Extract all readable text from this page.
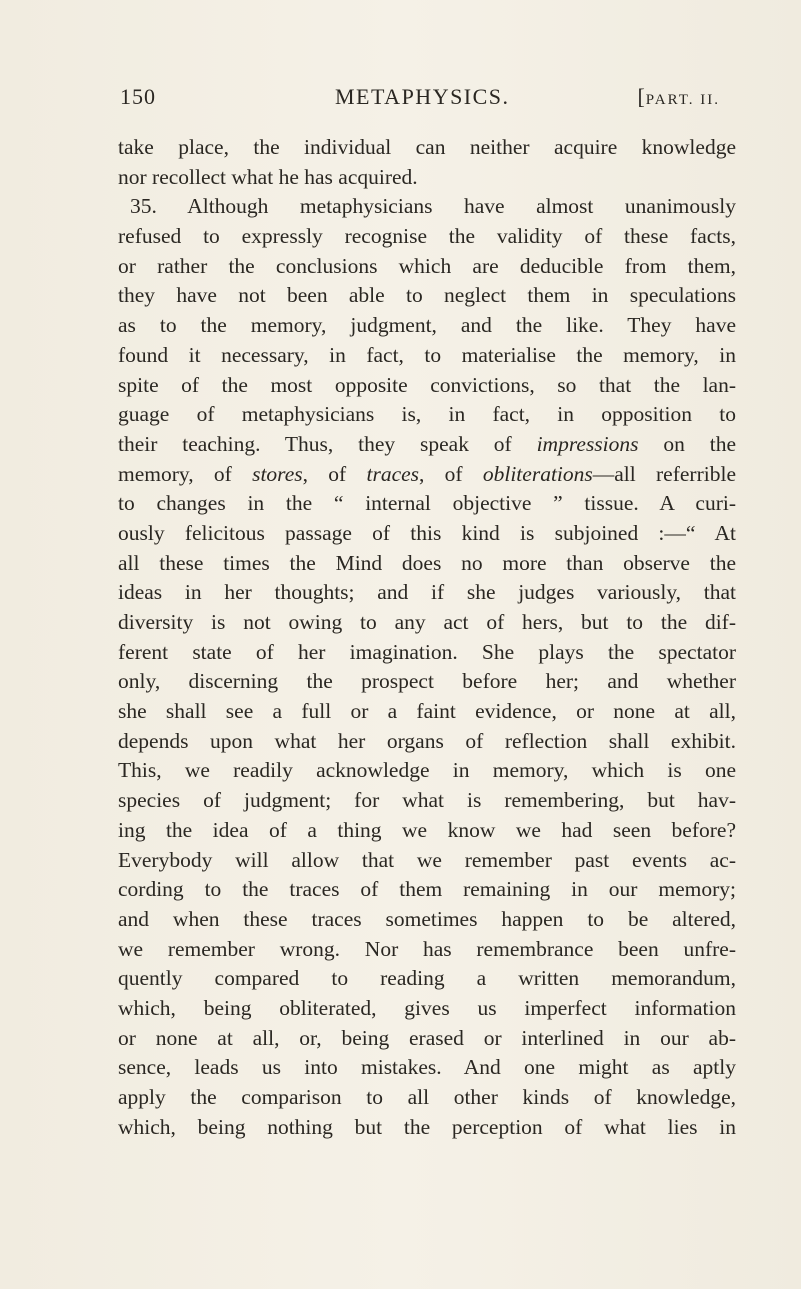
150	METAPHYSICS.	[PART. II.
take place, the individual can neither acquire knowledge
nor recollect what he has acquired.
35. Although metaphysicians have almost unanimously
refused to expressly recognise the validity of these facts,
or rather the conclusions which are deducible from them,
they have not been able to neglect them in speculations
as to the memory, judgment, and the like. They have
found it necessary, in fact, to materialise the memory, in
spite of the most opposite convictions, so that the lan-
guage of metaphysicians is, in fact, in opposition to
their teaching. Thus, they speak of impressions on the
memory, of stores, of traces, of obliterations—all referrible
to changes in the “ internal objective ” tissue. A curi-
ously felicitous passage of this kind is subjoined :—“ At
all these times the Mind does no more than observe the
ideas in her thoughts; and if she judges variously, that
diversity is not owing to any act of hers, but to the dif-
ferent state of her imagination. She plays the spectator
only, discerning the prospect before her; and whether
she shall see a full or a faint evidence, or none at all,
depends upon what her organs of reflection shall exhibit.
This, we readily acknowledge in memory, which is one
species of judgment; for what is remembering, but hav-
ing the idea of a thing we know we had seen before?
Everybody will allow that we remember past events ac-
cording to the traces of them remaining in our memory;
and when these traces sometimes happen to be altered,
we remember wrong. Nor has remembrance been unfre-
quently compared to reading a written memorandum,
which, being obliterated, gives us imperfect information
or none at all, or, being erased or interlined in our ab-
sence, leads us into mistakes. And one might as aptly
apply the comparison to all other kinds of knowledge,
which, being nothing but the perception of what lies in
